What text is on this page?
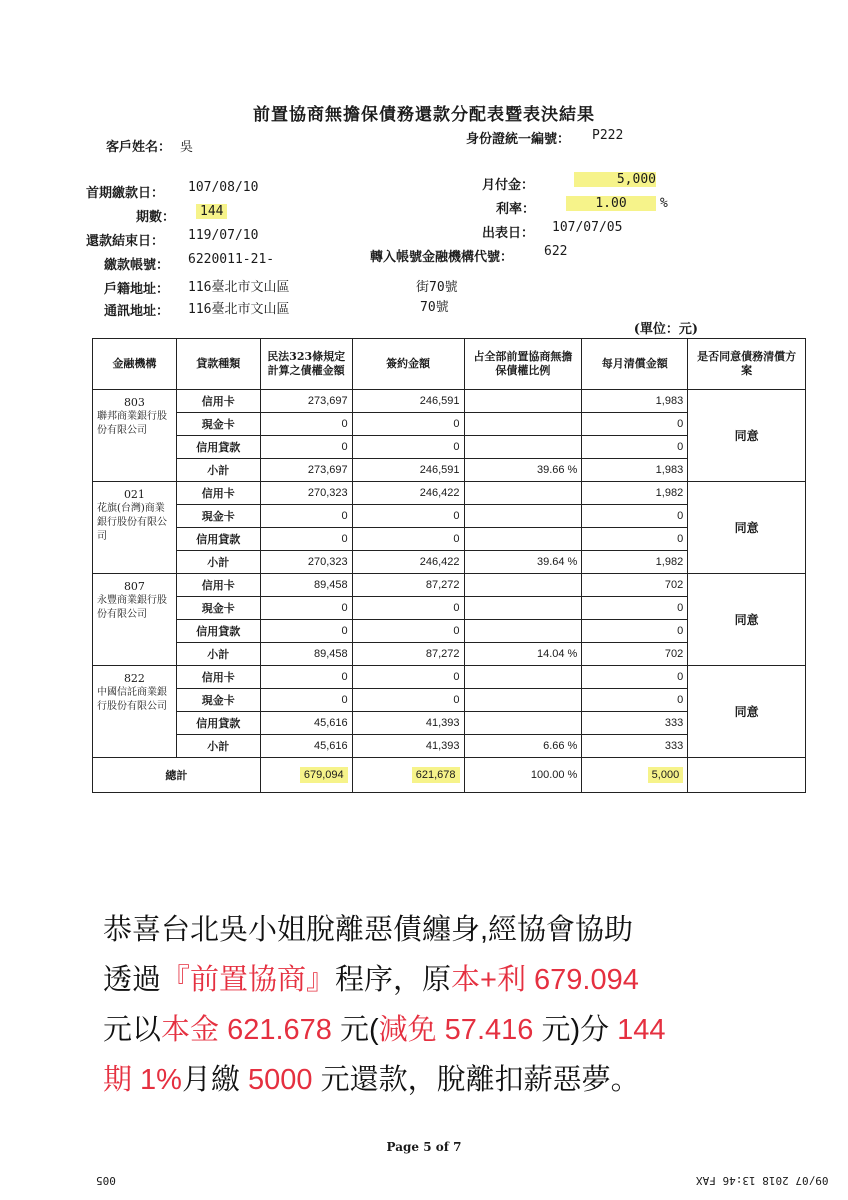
前置協商無擔保債務還款分配表暨表決結果
客戶姓名： 吳
身份證統一編號： P222
首期繳款日： 107/08/10
期數：	144
還款結束日： 119/07/10
繳款帳號： 6220011-21-
戶籍地址： 116臺北市文山區	街70號
通訊地址： 116臺北市文山區	70號
月付金：	5,000
利率：	1.00	%
出表日： 107/07/05
轉入帳號金融機構代號： 622
(單位：元)
金融機構	貸款種類	民法323條規定計算之債權金額	簽約金額	占全部前置協商無擔保債權比例	每月清償金額	是否同意債務清償方案

803
聯邦商業銀行股份有限公司	信用卡	273,697	246,591		1,983	同意
	現金卡	0	0		0	
	信用貸款	0	0		0	
	小計	273,697	246,591	39.66 %	1,983	

021
花旗(台灣)商業銀行股份有限公司	信用卡	270,323	246,422		1,982	同意
	現金卡	0	0		0	
	信用貸款	0	0		0	
	小計	270,323	246,422	39.64 %	1,982	

807
永豐商業銀行股份有限公司	信用卡	89,458	87,272		702	同意
	現金卡	0	0		0	
	信用貸款	0	0		0	
	小計	89,458	87,272	14.04 %	702	

822
中國信託商業銀行股份有限公司	信用卡	0	0		0	同意
	現金卡	0	0		0	
	信用貸款	45,616	41,393		333	
	小計	45,616	41,393	6.66 %	333	
總計		679,094	621,678	100.00 %	5,000	
恭喜台北吳小姐脫離惡債纏身,經協會協助
透過『前置協商』程序，原本+利 679.094
元以本金 621.678 元(減免 57.416 元)分 144
期 1%月繳 5000 元還款，脫離扣薪惡夢。
Page 5 of 7
09/07 2018 13:46 FAX
005
